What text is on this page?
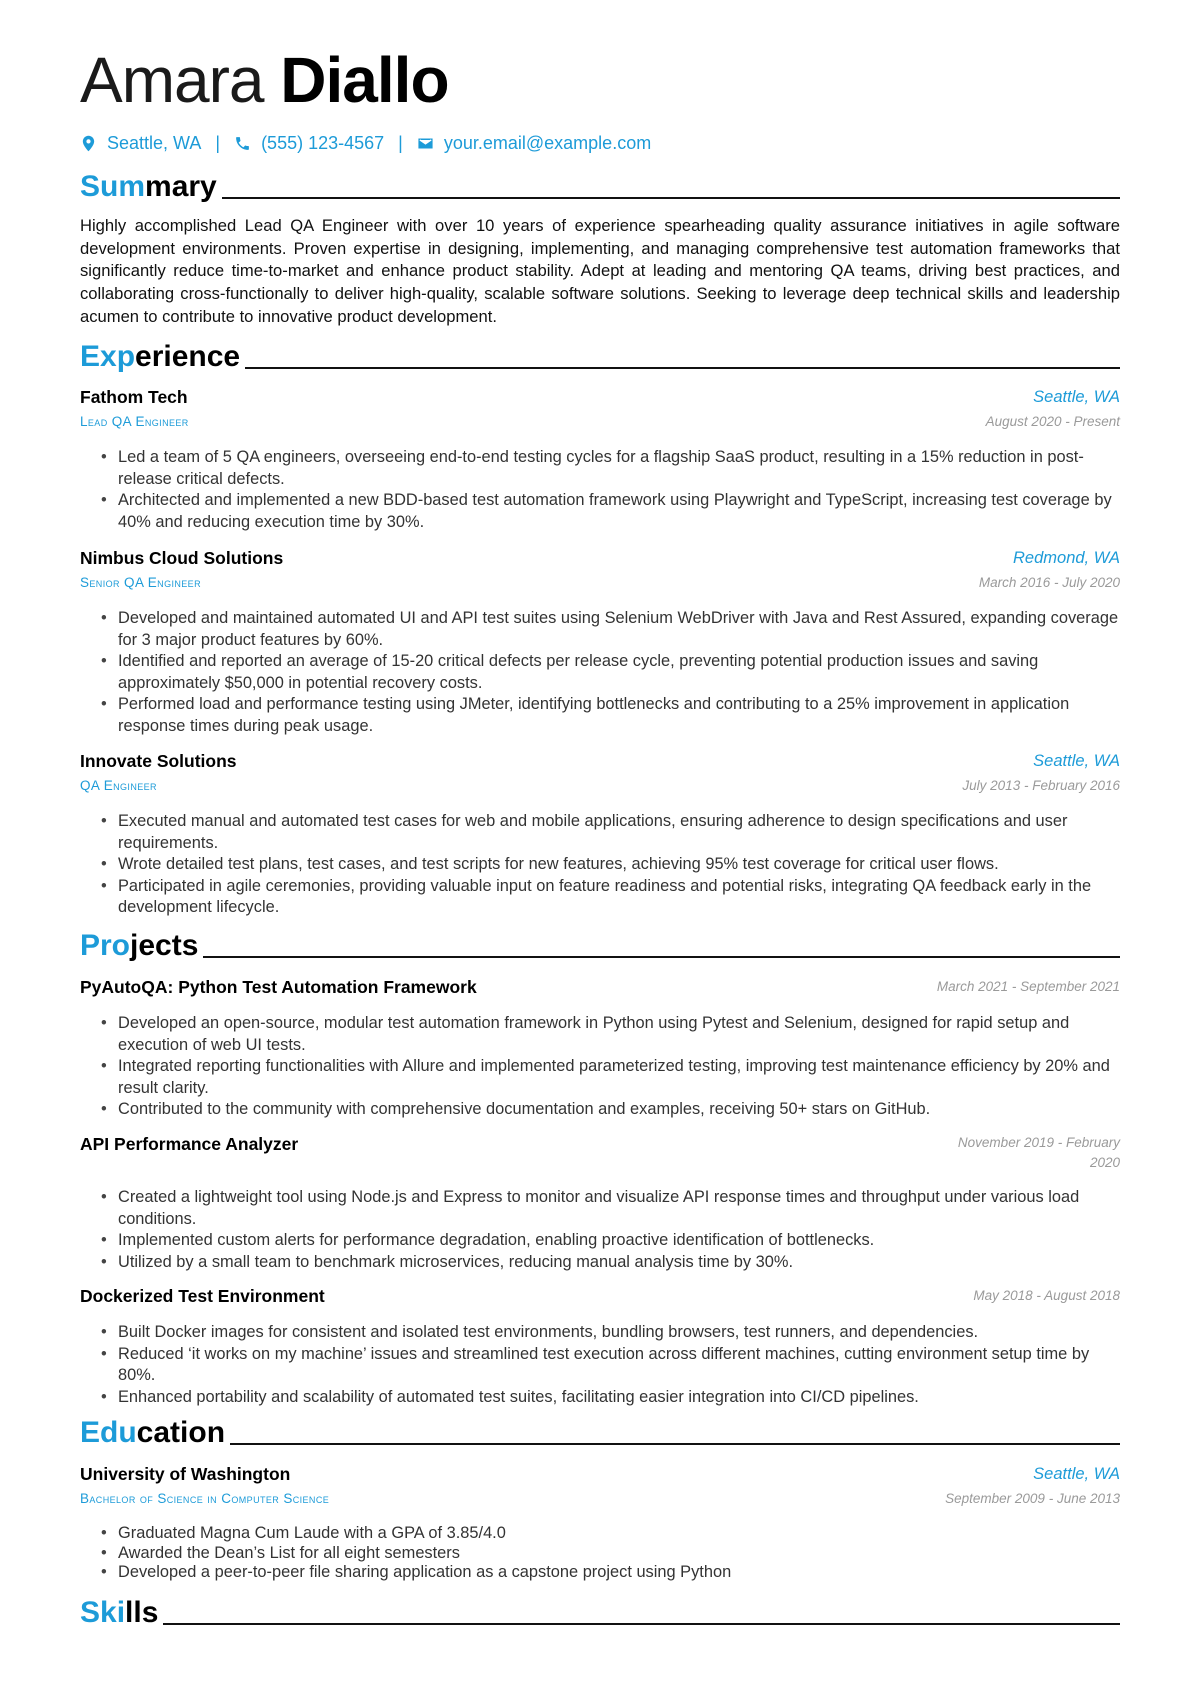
Amara Diallo
Seattle, WA | (555) 123-4567 | your.email@example.com
Summary
Highly accomplished Lead QA Engineer with over 10 years of experience spearheading quality assurance initiatives in agile software development environments. Proven expertise in designing, implementing, and managing comprehensive test automation frameworks that significantly reduce time-to-market and enhance product stability. Adept at leading and mentoring QA teams, driving best practices, and collaborating cross-functionally to deliver high-quality, scalable software solutions. Seeking to leverage deep technical skills and leadership acumen to contribute to innovative product development.
Experience
Fathom Tech	Seattle, WA
Lead QA Engineer	August 2020 - Present
• Led a team of 5 QA engineers, overseeing end-to-end testing cycles for a flagship SaaS product, resulting in a 15% reduction in post-release critical defects.
• Architected and implemented a new BDD-based test automation framework using Playwright and TypeScript, increasing test coverage by 40% and reducing execution time by 30%.
Nimbus Cloud Solutions	Redmond, WA
Senior QA Engineer	March 2016 - July 2020
• Developed and maintained automated UI and API test suites using Selenium WebDriver with Java and Rest Assured, expanding coverage for 3 major product features by 60%.
• Identified and reported an average of 15-20 critical defects per release cycle, preventing potential production issues and saving approximately $50,000 in potential recovery costs.
• Performed load and performance testing using JMeter, identifying bottlenecks and contributing to a 25% improvement in application response times during peak usage.
Innovate Solutions	Seattle, WA
QA Engineer	July 2013 - February 2016
• Executed manual and automated test cases for web and mobile applications, ensuring adherence to design specifications and user requirements.
• Wrote detailed test plans, test cases, and test scripts for new features, achieving 95% test coverage for critical user flows.
• Participated in agile ceremonies, providing valuable input on feature readiness and potential risks, integrating QA feedback early in the development lifecycle.
Projects
PyAutoQA: Python Test Automation Framework	March 2021 - September 2021
• Developed an open-source, modular test automation framework in Python using Pytest and Selenium, designed for rapid setup and execution of web UI tests.
• Integrated reporting functionalities with Allure and implemented parameterized testing, improving test maintenance efficiency by 20% and result clarity.
• Contributed to the community with comprehensive documentation and examples, receiving 50+ stars on GitHub.
API Performance Analyzer	November 2019 - February 2020
• Created a lightweight tool using Node.js and Express to monitor and visualize API response times and throughput under various load conditions.
• Implemented custom alerts for performance degradation, enabling proactive identification of bottlenecks.
• Utilized by a small team to benchmark microservices, reducing manual analysis time by 30%.
Dockerized Test Environment	May 2018 - August 2018
• Built Docker images for consistent and isolated test environments, bundling browsers, test runners, and dependencies.
• Reduced ‘it works on my machine’ issues and streamlined test execution across different machines, cutting environment setup time by 80%.
• Enhanced portability and scalability of automated test suites, facilitating easier integration into CI/CD pipelines.
Education
University of Washington	Seattle, WA
Bachelor of Science in Computer Science	September 2009 - June 2013
• Graduated Magna Cum Laude with a GPA of 3.85/4.0
• Awarded the Dean’s List for all eight semesters
• Developed a peer-to-peer file sharing application as a capstone project using Python
Skills
